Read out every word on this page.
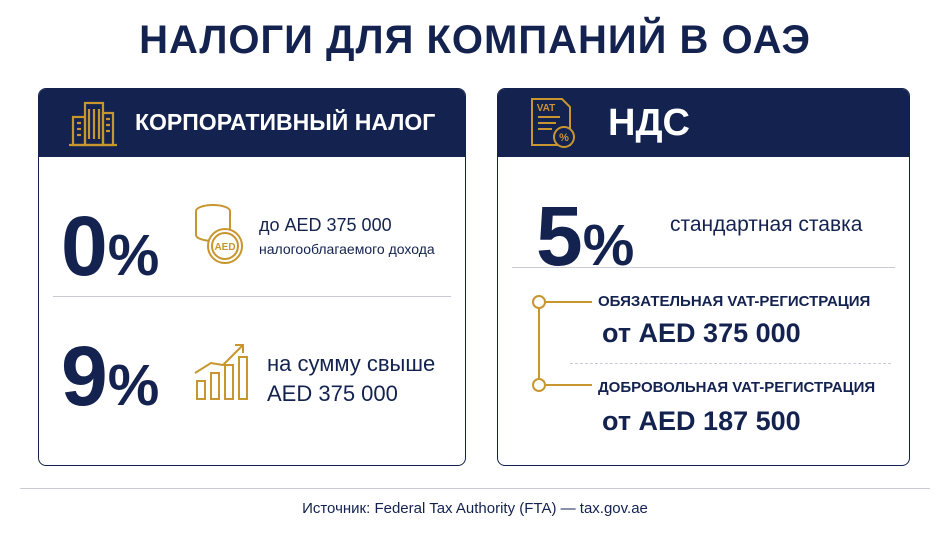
НАЛОГИ ДЛЯ КОМПАНИЙ В ОАЭ
КОРПОРАТИВНЫЙ НАЛОГ
0%	AED
до AED 375 000
налогооблагаемого дохода
9%	на сумму свыше
AED 375 000
VAT
% НДС
5% стандартная ставка
ОБЯЗАТЕЛЬНАЯ VAT-РЕГИСТРАЦИЯ
от AED 375 000
ДОБРОВОЛЬНАЯ VAT-РЕГИСТРАЦИЯ
от AED 187 500
Источник: Federal Tax Authority (FTA) — tax.gov.ae
